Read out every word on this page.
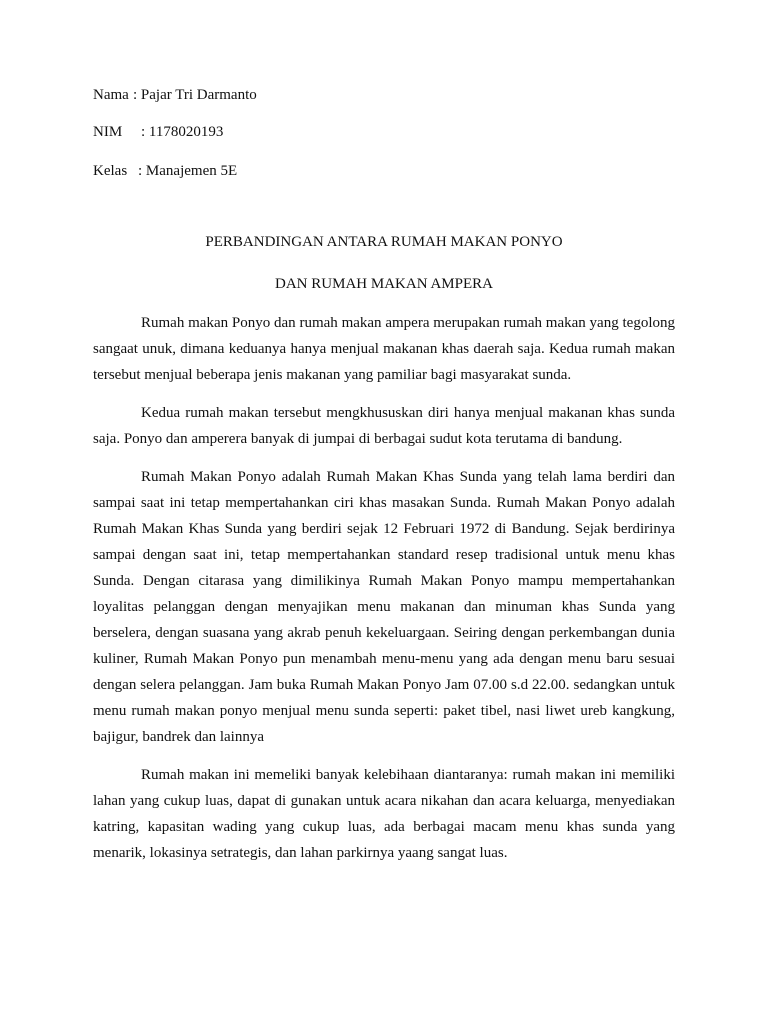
Nama : Pajar Tri Darmanto
NIM : 1178020193
Kelas : Manajemen 5E
PERBANDINGAN ANTARA RUMAH MAKAN PONYO
DAN RUMAH MAKAN AMPERA

Rumah makan Ponyo dan rumah makan ampera merupakan rumah makan yang tegolong sangaat unuk, dimana keduanya hanya menjual makanan khas daerah saja. Kedua rumah makan tersebut menjual beberapa jenis makanan yang pamiliar bagi masyarakat sunda.

Kedua rumah makan tersebut mengkhususkan diri hanya menjual makanan khas sunda saja. Ponyo dan amperera banyak di jumpai di berbagai sudut kota terutama di bandung.

Rumah Makan Ponyo adalah Rumah Makan Khas Sunda yang telah lama berdiri dan sampai saat ini tetap mempertahankan ciri khas masakan Sunda. Rumah Makan Ponyo adalah Rumah Makan Khas Sunda yang berdiri sejak 12 Februari 1972 di Bandung. Sejak berdirinya sampai dengan saat ini, tetap mempertahankan standard resep tradisional untuk menu khas Sunda. Dengan citarasa yang dimilikinya Rumah Makan Ponyo mampu mempertahankan loyalitas pelanggan dengan menyajikan menu makanan dan minuman khas Sunda yang berselera, dengan suasana yang akrab penuh kekeluargaan. Seiring dengan perkembangan dunia kuliner, Rumah Makan Ponyo pun menambah menu-menu yang ada dengan menu baru sesuai dengan selera pelanggan. Jam buka Rumah Makan Ponyo Jam 07.00 s.d 22.00. sedangkan untuk menu rumah makan ponyo menjual menu sunda seperti: paket tibel, nasi liwet ureb kangkung, bajigur, bandrek dan lainnya

Rumah makan ini memeliki banyak kelebihaan diantaranya: rumah makan ini memiliki lahan yang cukup luas, dapat di gunakan untuk acara nikahan dan acara keluarga, menyediakan katring, kapasitan wading yang cukup luas, ada berbagai macam menu khas sunda yang menarik, lokasinya setrategis, dan lahan parkirnya yaang sangat luas.
